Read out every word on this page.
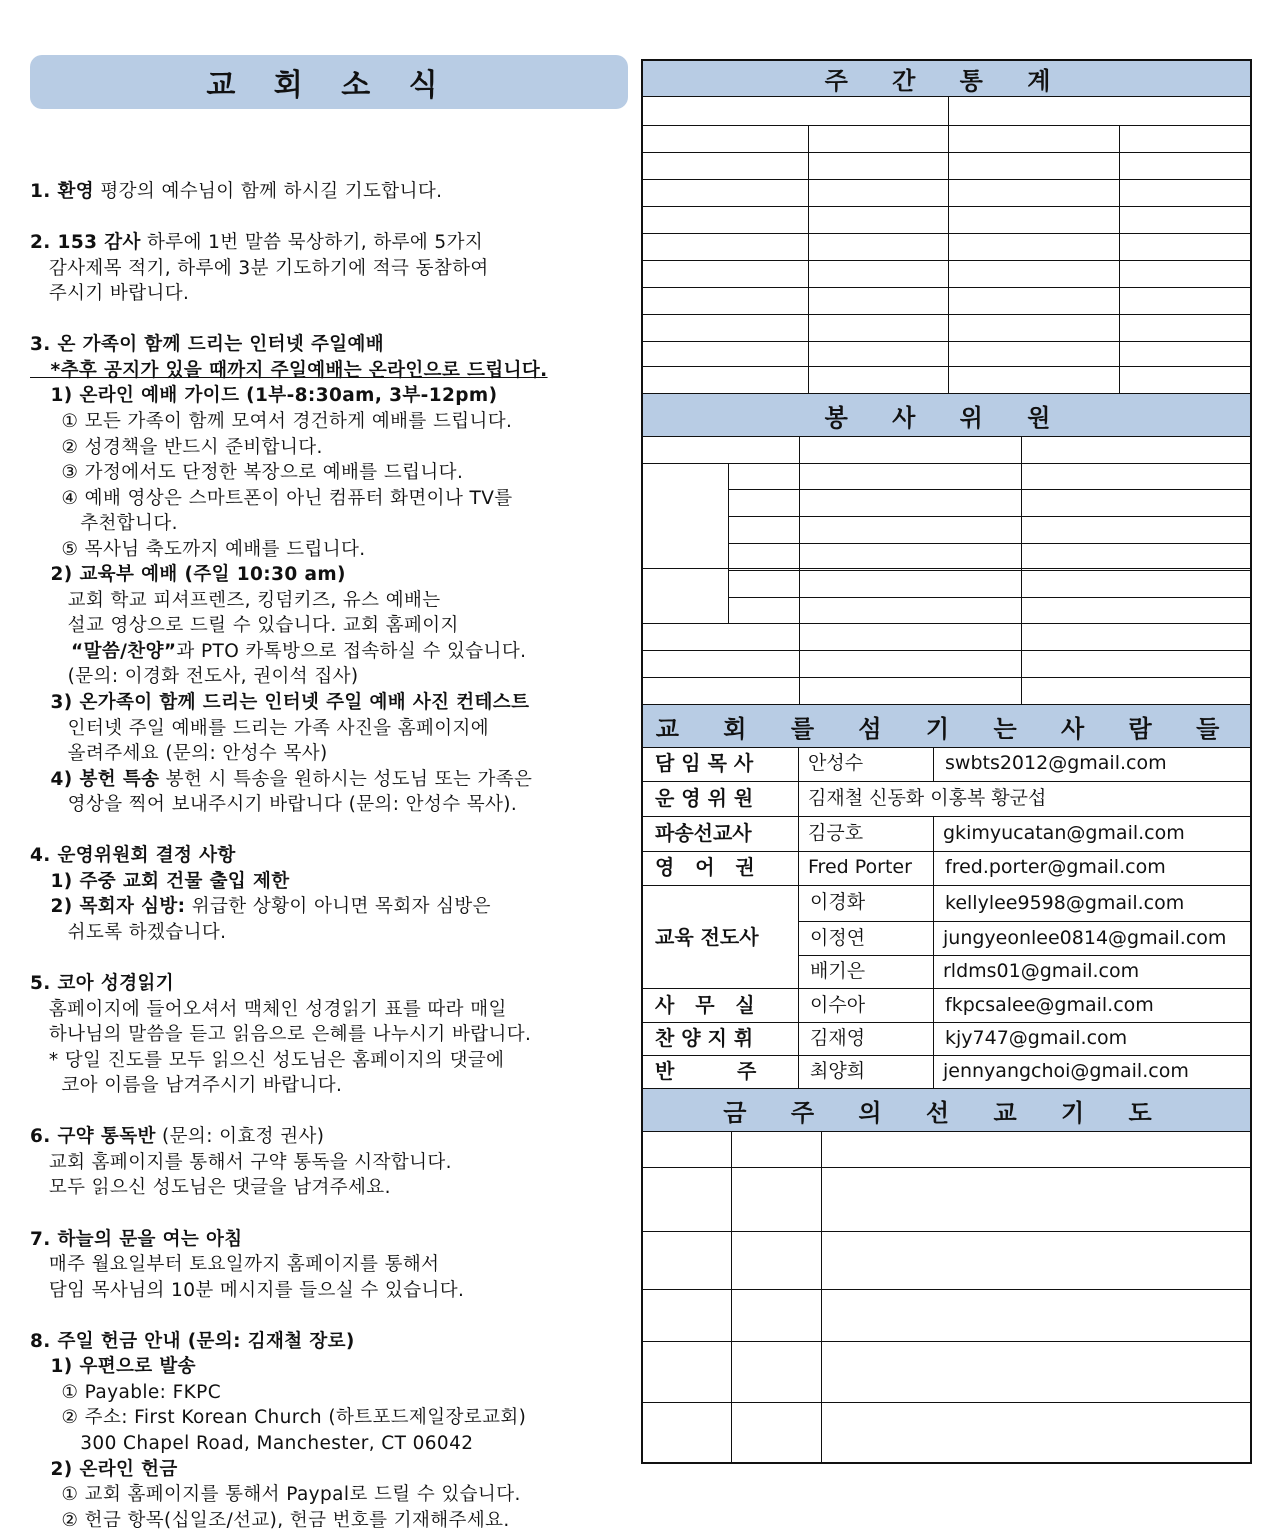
교 회 소 식
1. 환영 평강의 예수님이 함께 하시길 기도합니다.
2. 153 감사 하루에 1번 말씀 묵상하기, 하루에 5가지
감사제목 적기, 하루에 3분 기도하기에 적극 동참하여
주시기 바랍니다.
3. 온 가족이 함께 드리는 인터넷 주일예배
*추후 공지가 있을 때까지 주일예배는 온라인으로 드립니다.
1) 온라인 예배 가이드 (1부-8:30am, 3부-12pm)
① 모든 가족이 함께 모여서 경건하게 예배를 드립니다.
② 성경책을 반드시 준비합니다.
③ 가정에서도 단정한 복장으로 예배를 드립니다.
④ 예배 영상은 스마트폰이 아닌 컴퓨터 화면이나 TV를
추천합니다.
⑤ 목사님 축도까지 예배를 드립니다.
2) 교육부 예배 (주일 10:30 am)
교회 학교 피셔프렌즈, 킹덤키즈, 유스 예배는
설교 영상으로 드릴 수 있습니다. 교회 홈페이지
“말씀/찬양”과 PTO 카톡방으로 접속하실 수 있습니다.
(문의: 이경화 전도사, 권이석 집사)
3) 온가족이 함께 드리는 인터넷 주일 예배 사진 컨테스트
인터넷 주일 예배를 드리는 가족 사진을 홈페이지에
올려주세요 (문의: 안성수 목사)
4) 봉헌 특송 봉헌 시 특송을 원하시는 성도님 또는 가족은
영상을 찍어 보내주시기 바랍니다 (문의: 안성수 목사).
4. 운영위원회 결정 사항
1) 주중 교회 건물 출입 제한
2) 목회자 심방: 위급한 상황이 아니면 목회자 심방은
쉬도록 하겠습니다.
5. 코아 성경읽기
홈페이지에 들어오셔서 맥체인 성경읽기 표를 따라 매일
하나님의 말씀을 듣고 읽음으로 은혜를 나누시기 바랍니다.
* 당일 진도를 모두 읽으신 성도님은 홈페이지의 댓글에
코아 이름을 남겨주시기 바랍니다.
6. 구약 통독반 (문의: 이효정 권사)
교회 홈페이지를 통해서 구약 통독을 시작합니다.
모두 읽으신 성도님은 댓글을 남겨주세요.
7. 하늘의 문을 여는 아침
매주 월요일부터 토요일까지 홈페이지를 통해서
담임 목사님의 10분 메시지를 들으실 수 있습니다.
8. 주일 헌금 안내 (문의: 김재철 장로)
1) 우편으로 발송
① Payable: FKPC
② 주소: First Korean Church (하트포드제일장로교회)
300 Chapel Road, Manchester, CT 06042
2) 온라인 헌금
① 교회 홈페이지를 통해서 Paypal로 드릴 수 있습니다.
② 헌금 항목(십일조/선교), 헌금 번호를 기재해주세요.
주 간 통 계
봉 사 위 원
교 회 를 섬 기 는 사 람 들
담 임 목 사	안성수	swbts2012@gmail.com
운 영 위 원	김재철 신동화 이홍복 황군섭
파송선교사	김긍호	gkimyucatan@gmail.com
영   어   권	Fred Porter fred.porter@gmail.com
교육 전도사
이경화	kellylee9598@gmail.com
이정연	jungyeonlee0814@gmail.com
배기은	rldms01@gmail.com
사   무   실	이수아	fkpcsalee@gmail.com
찬 양 지 휘	김재영	kjy747@gmail.com
반         주	최양희	jennyangchoi@gmail.com
금 주 의 선 교 기 도
